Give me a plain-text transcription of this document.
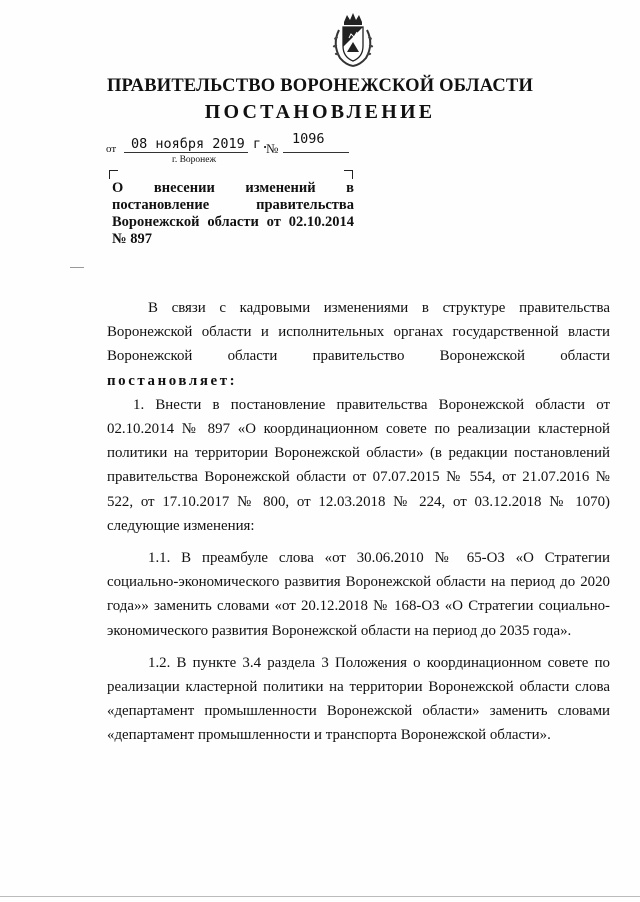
ПРАВИТЕЛЬСТВО ВОРОНЕЖСКОЙ ОБЛАСТИ
ПОСТАНОВЛЕНИЕ
от 08 ноября 2019 г.
№
1096
г. Воронеж
О внесении изменений в постановление правительства Воронежской области от 02.10.2014
№ 897

В связи с кадровыми изменениями в структуре правительства Воронежской области и исполнительных органах государственной власти Воронежской области правительство Воронежской области

постановляет:

1. Внести в постановление правительства Воронежской области от 02.10.2014 № 897 «О координационном совете по реализации кластерной политики на территории Воронежской области» (в редакции постановлений правительства Воронежской области от 07.07.2015 № 554, от 21.07.2016 № 522, от 17.10.2017 № 800, от 12.03.2018 № 224, от 03.12.2018 № 1070) следующие изменения:

1.1. В преамбуле слова «от 30.06.2010 № 65-ОЗ «О Стратегии социально-экономического развития Воронежской области на период до 2020 года»» заменить словами «от 20.12.2018 № 168-ОЗ «О Стратегии социально-экономического развития Воронежской области на период до 2035 года».

1.2. В пункте 3.4 раздела 3 Положения о координационном совете по реализации кластерной политики на территории Воронежской области слова «департамент промышленности Воронежской области» заменить словами «департамент промышленности и транспорта Воронежской области».
